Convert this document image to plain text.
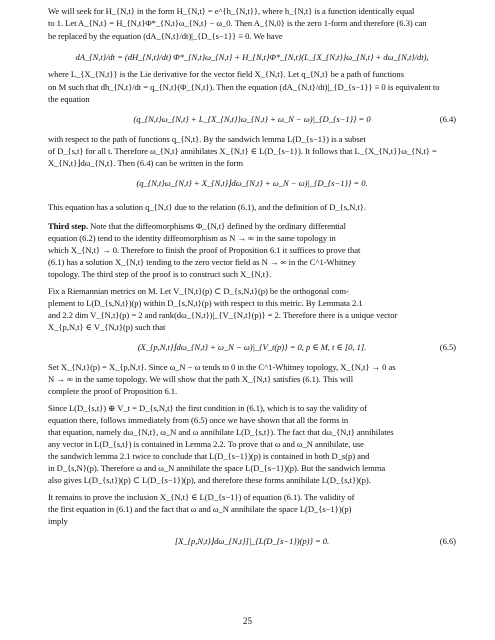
We will seek for H_{N,t} in the form H_{N,t} = e^{h_{N,t}}, where h_{N,t} is a function identically equal
to 1. Let A_{N,t} = H_{N,t}Φ*_{N,t}ω_{N,t} − ω_0. Then A_{N,0} is the zero 1-form and therefore (6.3) can
be replaced by the equation (dA_{N,t}/dt)|_{D_{s−1}} ≡ 0. We have
dA_{N,t}/dt = (dH_{N,t}/dt) Φ*_{N,t}ω_{N,t} + H_{N,t}Φ*_{N,t}(L_{X_{N,t}}ω_{N,t} + dω_{N,t}/dt),
where L_{X_{N,t}} is the Lie derivative for the vector field X_{N,t}. Let q_{N,t} be a path of functions
on M such that dh_{N,t}/dt = q_{N,t}(Φ_{N,t}). Then the equation (dA_{N,t}/dt)|_{D_{s−1}} ≡ 0 is equivalent to
the equation
(q_{N,t}ω_{N,t} + L_{X_{N,t}}ω_{N,t} + ω_N − ω)|_{D_{s−1}} = 0	(6.4)
with respect to the path of functions q_{N,t}. By the sandwich lemma L(D_{s−1}) is a subset
of D_{s,t} for all t. Therefore ω_{N,t} annihilates X_{N,t} ∈ L(D_{s−1}). It follows that L_{X_{N,t}}ω_{N,t} =
X_{N,t}⌋dω_{N,t}. Then (6.4) can be written in the form
(q_{N,t}ω_{N,t} + X_{N,t}⌋dω_{N,t} + ω_N − ω)|_{D_{s−1}} = 0.
This equation has a solution q_{N,t} due to the relation (6.1), and the definition of D_{s,N,t}.
Third step. Note that the diffeomorphisms Φ_{N,t} defined by the ordinary differential
equation (6.2) tend to the identity diffeomorphism as N → ∞ in the same topology in
which X_{N,t} → 0. Therefore to finish the proof of Proposition 6.1 it suffices to prove that
(6.1) has a solution X_{N,t} tending to the zero vector field as N → ∞ in the C^1-Whitney
topology. The third step of the proof is to construct such X_{N,t}.
Fix a Riemannian metrics on M. Let V_{N,t}(p) ⊂ D_{s,N,t}(p) be the orthogonal com-
plement to L(D_{s,N,t})(p) within D_{s,N,t}(p) with respect to this metric. By Lemmata 2.1
and 2.2 dim V_{N,t}(p) = 2 and rank(dω_{N,t})|_{V_{N,t}(p)} = 2. Therefore there is a unique vector
X_{p,N,t} ∈ V_{N,t}(p) such that
(X_{p,N,t}⌋dω_{N,t} + ω_N − ω)|_{V_t(p)} = 0, p ∈ M, t ∈ [0, 1].	(6.5)
Set X_{N,t}(p) = X_{p,N,t}. Since ω_N − ω tends to 0 in the C^1-Whitney topology, X_{N,t} → 0 as
N → ∞ in the same topology. We will show that the path X_{N,t} satisfies (6.1). This will
complete the proof of Proposition 6.1.
Since L(D_{s,t}) ⊕ V_t = D_{s,N,t} the first condition in (6.1), which is to say the validity of
equation there, follows immediately from (6.5) once we have shown that all the forms in
that equation, namely dω_{N,t}, ω_N and ω annihilate L(D_{s,t}). The fact that dω_{N,t} annihilates
any vector in L(D_{s,t}) is contained in Lemma 2.2. To prove that ω and ω_N annihilate, use
the sandwich lemma 2.1 twice to conclude that L(D_{s−1})(p) is contained in both D_s(p) and
in D_{s,N}(p). Therefore ω and ω_N annihilate the space L(D_{s−1})(p). But the sandwich lemma
also gives L(D_{s,t})(p) ⊂ L(D_{s−1})(p), and therefore these forms annihilate L(D_{s,t})(p).
It remains to prove the inclusion X_{N,t} ∈ L(D_{s−1}) of equation (6.1). The validity of
the first equation in (6.1) and the fact that ω and ω_N annihilate the space L(D_{s−1})(p)
imply
[X_{p,N,t}⌋dω_{N,t}]|_{L(D_{s−1})(p)} = 0.	(6.6)
25
